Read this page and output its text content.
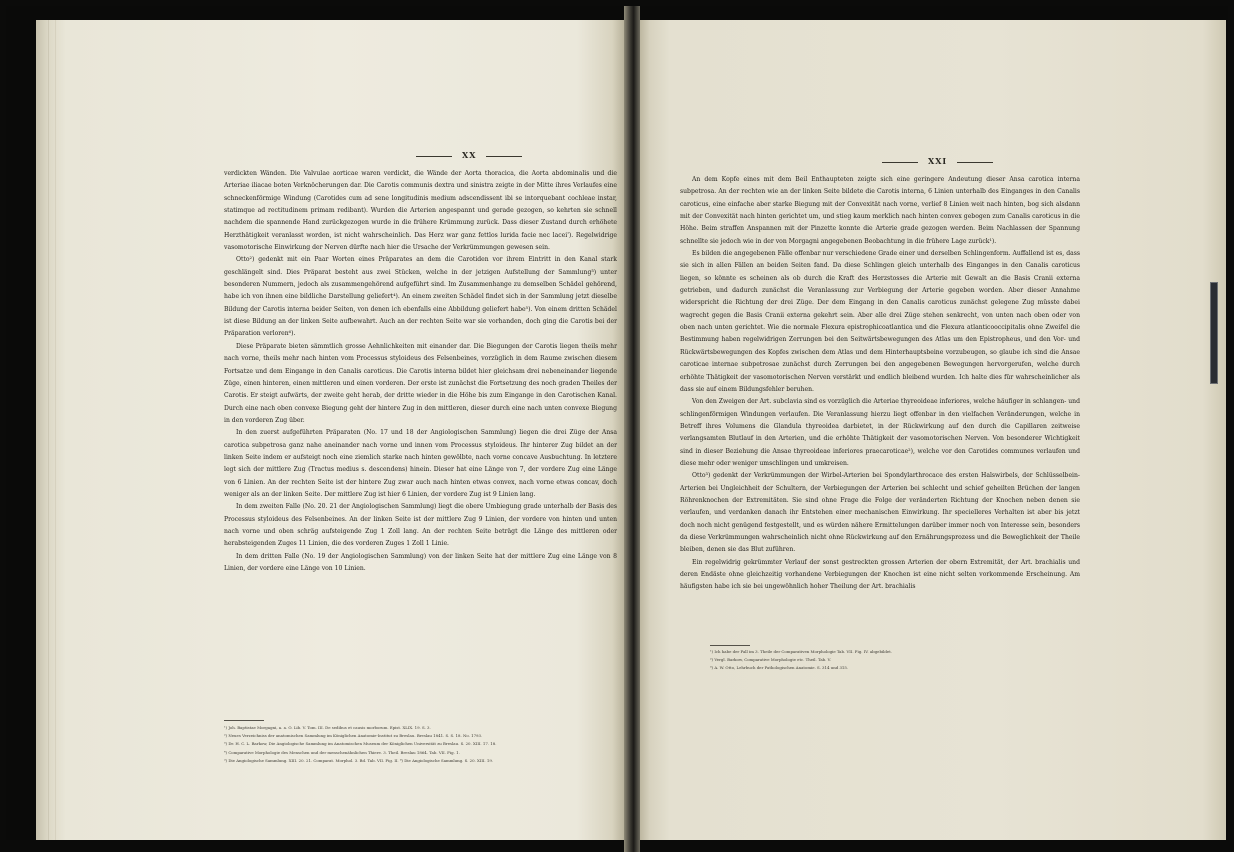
XX

verdickten Wänden. Die Valvulae aorticae waren verdickt, die Wände der Aorta thoracica, die Aorta abdominalis und die Arteriae iliacae boten Verknöcherungen dar. Die Carotis communis dextra und sinistra zeigte in der Mitte ihres Verlaufes eine schneckenförmige Windung (Carotides cum ad sene longitudinis medium adscendissent ibi se intorquebant cochleae instar, statimque ad rectitudinem primam redibant). Wurden die Arterien angespannt und gerade gezogen, so kehrten sie schnell nachdem die spannende Hand zurückgezogen wurde in die frühere Krümmung zurück. Dass dieser Zustand durch erhöhete Herzthätigkeit veranlasst worden, ist nicht wahrscheinlich. Das Herz war ganz fettlos lurida facie nec lacei'). Regelwidrige vasomotorische Einwirkung der Nerven dürfte nach hier die Ursache der Verkrümmungen gewesen sein.

Otto²) gedenkt mit ein Paar Worten eines Präparates an dem die Carotiden vor ihrem Eintritt in den Kanal stark geschlängelt sind. Dies Präparat besteht aus zwei Stücken, welche in der jetzigen Aufstellung der Sammlung³) unter besonderen Nummern, jedoch als zusammengehörend aufgeführt sind. Im Zusammenhange zu demselben Schädel gehörend, habe ich von ihnen eine bildliche Darstellung geliefert⁴). An einem zweiten Schädel findet sich in der Sammlung jetzt dieselbe Bildung der Carotis interna beider Seiten, von denen ich ebenfalls eine Abbildung geliefert habe⁵). Von einem dritten Schädel ist diese Bildung an der linken Seite aufbewahrt. Auch an der rechten Seite war sie vorhanden, doch ging die Carotis bei der Präparation verloren⁶).

Diese Präparate bieten sämmtlich grosse Aehnlichkeiten mit einander dar. Die Biegungen der Carotis liegen theils mehr nach vorne, theils mehr nach hinten vom Processus styloideus des Felsenbeines, vorzüglich in dem Raume zwischen diesem Fortsatze und dem Eingange in den Canalis caroticus. Die Carotis interna bildet hier gleichsam drei nebeneinander liegende Züge, einen hinteren, einen mittleren und einen vorderen. Der erste ist zunächst die Fortsetzung des noch graden Theiles der Carotis. Er steigt aufwärts, der zweite geht herab, der dritte wieder in die Höhe bis zum Eingange in den Carotischen Kanal. Durch eine nach oben convexe Biegung geht der hintere Zug in den mittleren, dieser durch eine nach unten convexe Biegung in den vorderen Zug über.

In den zuerst aufgeführten Präparaten (No. 17 und 18 der Angiologischen Sammlung) liegen die drei Züge der Ansa carotica subpetrosa ganz nahe aneinander nach vorne und innen vom Processus styloideus. Ihr hinterer Zug bildet an der linken Seite indem er aufsteigt noch eine ziemlich starke nach hinten gewölbte, nach vorne concave Ausbuchtung. In letztere legt sich der mittlere Zug (Tractus medius s. descendens) hinein. Dieser hat eine Länge von 7, der vordere Zug eine Länge von 6 Linien. An der rechten Seite ist der hintere Zug zwar auch nach hinten etwas convex, nach vorne etwas concav, doch weniger als an der linken Seite. Der mittlere Zug ist hier 6 Linien, der vordere Zug ist 9 Linien lang.

In dem zweiten Falle (No. 20. 21 der Angiologischen Sammlung) liegt die obere Umbiegung grade unterhalb der Basis des Processus styloideus des Felsenbeines. An der linken Seite ist der mittlere Zug 9 Linien, der vordere von hinten und unten nach vorne und oben schräg aufsteigende Zug 1 Zoll lang. An der rechten Seite beträgt die Länge des mittleren oder herabsteigenden Zuges 11 Linien, die des vorderen Zuges 1 Zoll 1 Linie.

In dem dritten Falle (No. 19 der Angiologischen Sammlung) von der linken Seite hat der mittlere Zug eine Länge von 8 Linien, der vordere eine Länge von 10 Linien.

¹) Joh. Baptistae Morgagni, a. a. O. Lib. V. Tom. III. De sedibus et causis morborum. Epist. XLIX. 19. S. 3.
²) Neues Verzeichniss der anatomischen Sammlung im Königlichen Anatomie-Institut zu Breslau. Breslau 1841. S. S. 18. No. 1793.
³) Dr. H. C. L. Barkow, Die Angiologische Sammlung im Anatomischen Museum der Königlichen Universität zu Breslau. S. 20. XIII. 17. 18.
⁴) Comparative Morphologie des Menschen und der menschenähnlichen Thiere. 3. Theil. Breslau 1864. Tab. VII. Fig. 1.
⁵) Die Angiologische Sammlung. XIII. 20. 21. Comparat. Morphol. 3. Bd. Tab. VII. Fig. II. ⁶) Die Angiologische Sammlung. S. 20. XIII. 19.
XXI

An dem Kopfe eines mit dem Beil Enthaupteten zeigte sich eine geringere Andeutung dieser Ansa carotica interna subpetrosa. An der rechten wie an der linken Seite bildete die Carotis interna, 6 Linien unterhalb des Einganges in den Canalis caroticus, eine einfache aber starke Biegung mit der Convexität nach vorne, verlief 8 Linien weit nach hinten, bog sich alsdann mit der Convexität nach hinten gerichtet um, und stieg kaum merklich nach hinten convex gebogen zum Canalis caroticus in die Höhe. Beim straffen Anspannen mit der Pinzette konnte die Arterie grade gezogen werden. Beim Nachlassen der Spannung schnellte sie jedoch wie in der von Morgagni angegebenen Beobachtung in die frühere Lage zurück¹).

Es bilden die angegebenen Fälle offenbar nur verschiedene Grade einer und derselben Schlingenform. Auffallend ist es, dass sie sich in allen Fällen an beiden Seiten fand. Da diese Schlingen gleich unterhalb des Einganges in den Canalis caroticus liegen, so könnte es scheinen als ob durch die Kraft des Herzstosses die Arterie mit Gewalt an die Basis Cranii externa getrieben, und dadurch zunächst die Veranlassung zur Verbiegung der Arterie gegeben worden. Aber dieser Annahme widerspricht die Richtung der drei Züge. Der dem Eingang in den Canalis caroticus zunächst gelegene Zug müsste dabei wagrecht gegen die Basis Cranii externa gekehrt sein. Aber alle drei Züge stehen senkrecht, von unten nach oben oder von oben nach unten gerichtet. Wie die normale Flexura epistrophicoatlantica und die Flexura atlanticooccipitalis ohne Zweifel die Bestimmung haben regelwidrigen Zerrungen bei den Seitwärtsbewegungen des Atlas um den Epistropheus, und den Vor- und Rückwärtsbewegungen des Kopfes zwischen dem Atlas und dem Hinterhauptsbeine vorzubeugen, so glaube ich sind die Ansae caroticae internae subpetrosae zunächst durch Zerrungen bei den angegebenen Bewegungen hervorgerufen, welche durch erhöhte Thätigkeit der vasomotorischen Nerven verstärkt und endlich bleibend wurden. Ich halte dies für wahrscheinlicher als dass sie auf einem Bildungsfehler beruhen.

Von den Zweigen der Art. subclavia sind es vorzüglich die Arteriae thyreoideae inferiores, welche häufiger in schlangen- und schlingenförmigen Windungen verlaufen. Die Veranlassung hierzu liegt offenbar in den vielfachen Veränderungen, welche in Betreff ihres Volumens die Glandula thyreoidea darbietet, in der Rückwirkung auf den durch die Capillaren zeitweise verlangsamten Blutlauf in den Arterien, und die erhöhte Thätigkeit der vasomotorischen Nerven. Von besonderer Wichtigkeit sind in dieser Beziehung die Ansae thyreoideae inferiores praecaroticae²), welche vor den Carotides communes verlaufen und diese mehr oder weniger umschlingen und umkreisen.

Otto³) gedenkt der Verkrümmungen der Wirbel-Arterien bei Spondylarthrocace des ersten Halswirbels, der Schlüsselbein-Arterien bei Ungleichheit der Schultern, der Verbiegungen der Arterien bei schlecht und schief geheilten Brüchen der langen Röhrenknochen der Extremitäten. Sie sind ohne Frage die Folge der veränderten Richtung der Knochen neben denen sie verlaufen, und verdanken danach ihr Entstehen einer mechanischen Einwirkung. Ihr specielleres Verhalten ist aber bis jetzt doch noch nicht genügend festgestellt, und es würden nähere Ermittelungen darüber immer noch von Interesse sein, besonders da diese Verkrümmungen wahrscheinlich nicht ohne Rückwirkung auf den Ernährungsprozess und die Beweglichkeit der Theile bleiben, denen sie das Blut zuführen.

Ein regelwidrig gekrümmter Verlauf der sonst gestreckten grossen Arterien der obern Extremität, der Art. brachialis und deren Endäste ohne gleichzeitig vorhandene Verbiegungen der Knochen ist eine nicht selten vorkommende Erscheinung. Am häufigsten habe ich sie bei ungewöhnlich hoher Theilung der Art. brachialis

¹) Ich habe der Fall im 3. Theile der Comparativen Morphologie Tab. VII. Fig. IV. abgebildet.
²) Vergl. Barkow, Comparative Morphologie etc. Theil. Tab. V.
³) A. W. Otto, Lehrbuch der Pathologischen Anatomie. S. 314 und 315.
